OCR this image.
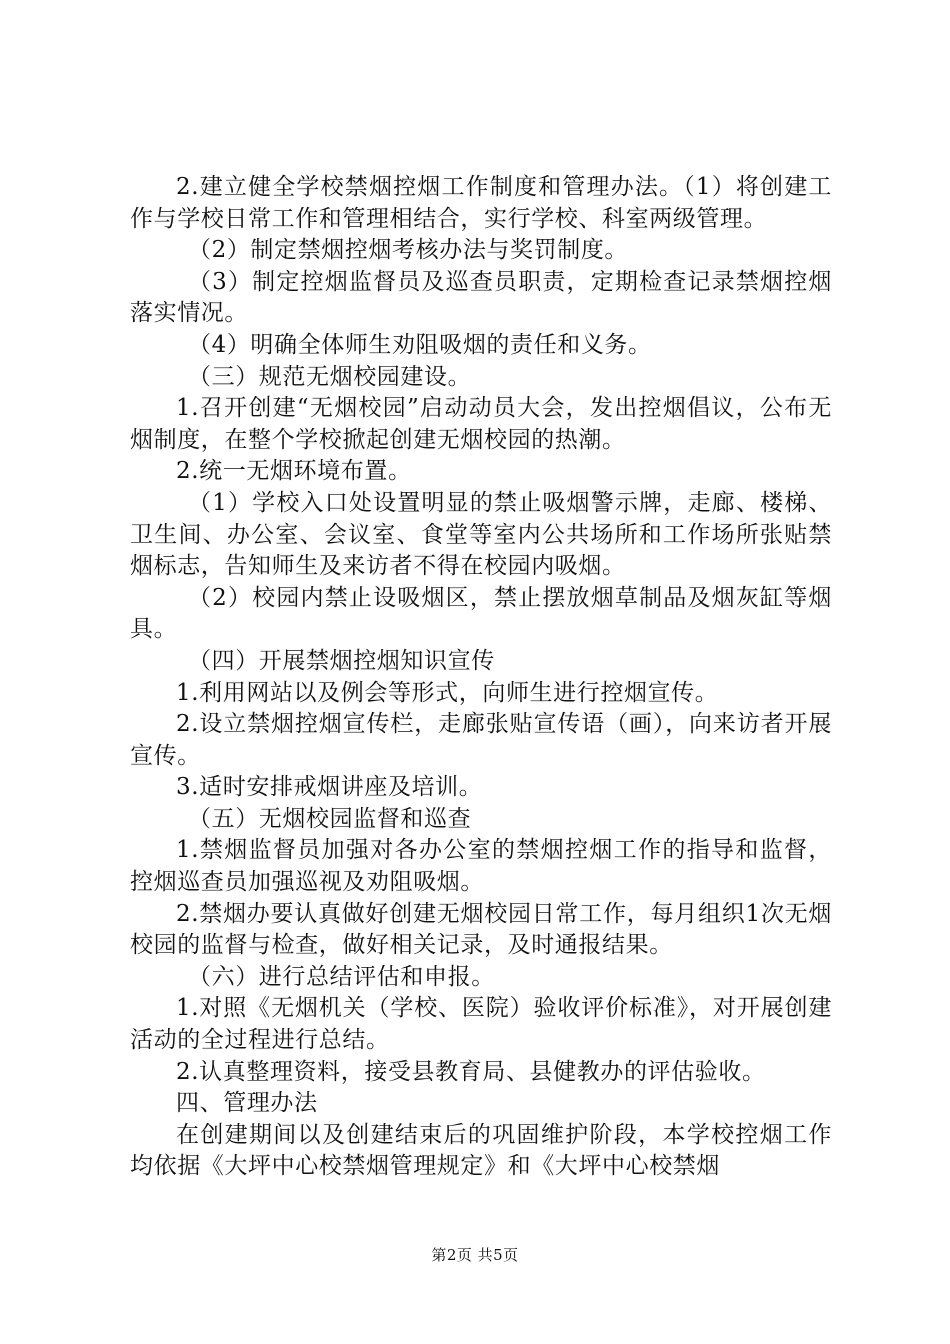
2.建立健全学校禁烟控烟工作制度和管理办法。（1）将创建工作与学校日常工作和管理相结合，实行学校、科室两级管理。

（2）制定禁烟控烟考核办法与奖罚制度。

（3）制定控烟监督员及巡查员职责，定期检查记录禁烟控烟落实情况。

（4）明确全体师生劝阻吸烟的责任和义务。

（三）规范无烟校园建设。

1.召开创建“无烟校园”启动动员大会，发出控烟倡议，公布无烟制度，在整个学校掀起创建无烟校园的热潮。

2.统一无烟环境布置。

（1）学校入口处设置明显的禁止吸烟警示牌，走廊、楼梯、卫生间、办公室、会议室、食堂等室内公共场所和工作场所张贴禁烟标志，告知师生及来访者不得在校园内吸烟。

（2）校园内禁止设吸烟区，禁止摆放烟草制品及烟灰缸等烟具。

（四）开展禁烟控烟知识宣传

1.利用网站以及例会等形式，向师生进行控烟宣传。

2.设立禁烟控烟宣传栏，走廊张贴宣传语（画），向来访者开展宣传。

3.适时安排戒烟讲座及培训。

（五）无烟校园监督和巡查

1.禁烟监督员加强对各办公室的禁烟控烟工作的指导和监督，控烟巡查员加强巡视及劝阻吸烟。

2.禁烟办要认真做好创建无烟校园日常工作，每月组织1次无烟校园的监督与检查，做好相关记录，及时通报结果。

（六）进行总结评估和申报。

1.对照《无烟机关（学校、医院）验收评价标准》，对开展创建活动的全过程进行总结。

2.认真整理资料，接受县教育局、县健教办的评估验收。

四、管理办法

在创建期间以及创建结束后的巩固维护阶段，本学校控烟工作均依据《大坪中心校禁烟管理规定》和《大坪中心校禁烟

第2页 共5页
